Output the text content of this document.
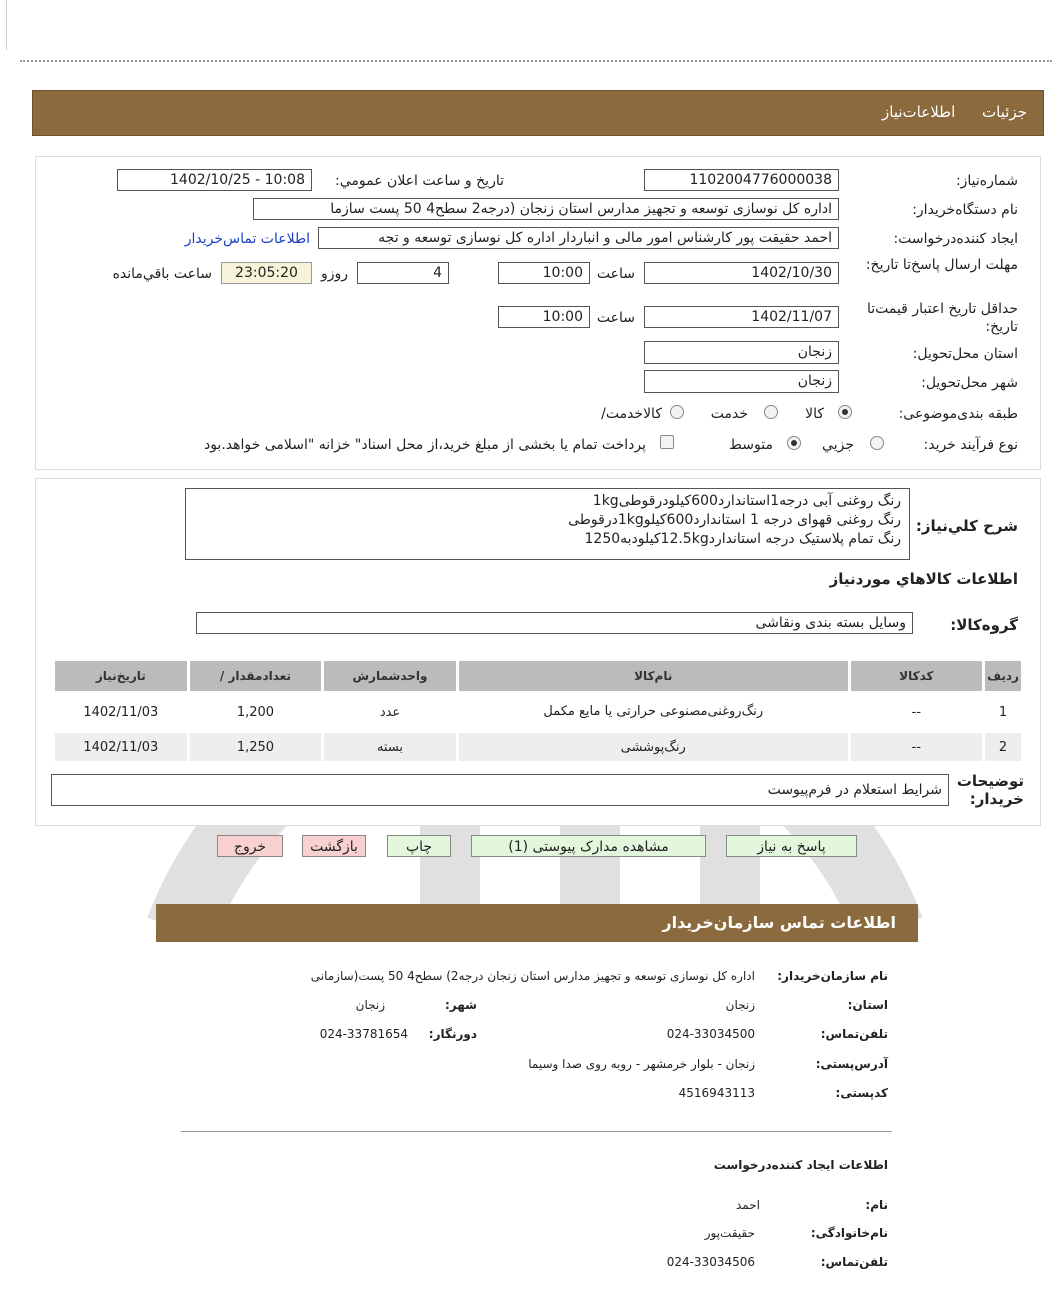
جزئيات اطلاعات‌نیاز
شماره‌نیاز:
1102004776000038
تاريخ و ساعت اعلان عمومي:
1402/10/25 - 10:08
نام دستگاه‌خريدار:
اداره کل نوسازی توسعه و تجهیز مدارس استان زنجان (درجه2 سطح4 50 پست سازما
ايجاد کننده‌درخواست:
احمد حقیقت پور کارشناس امور مالی و انباردار اداره کل نوسازی توسعه و تجه
اطلاعات تماس‌خريدار
مهلت ارسال پاسخ‌تا تاريخ:
1402/10/30
ساعت
10:00
4
روز‌و
23:05:20
ساعت باقي‌مانده
حداقل تاريخ اعتبار قیمت‌تا تاريخ:
1402/11/07
ساعت
10:00
استان محل‌تحويل:
زنجان
شهر محل‌تحويل:
زنجان
طبقه بندی‌موضوعی:
کالا
خدمت
کالا‌خدمت/
نوع فرآيند خريد:
جزيي
متوسط
پرداخت تمام يا بخشی از مبلغ خريد،از محل اسناد" خزانه "اسلامی خواهد.بود
شرح کلي‌نياز:
رنگ روغنی آبی درجه1استاندارد600کیلودرقوطی1kg
رنگ روغنی قهوای درجه 1 استاندارد600کیلو1kgدرقوطی
رنگ تمام پلاستیک درجه استاندارد12.5kgکیلودبه1250
اطلاعات کالاهاي موردنياز
گروه‌کالا:
وسایل بسته بندی ونقاشی
رديف	کدکالا	نام‌کالا	واحدشمارش	تعدادمقدار /	تاريخ‌نياز
1	--	رنگ‌روغنی‌مصنوعی حرارتی یا مایع مکمل	عدد	1,200	1402/11/03
2	--	رنگ‌پوششی	بسته	1,250	1402/11/03
توضيحات خريدار:
شرایط استعلام در فرم‌پیوست
پاسخ به نياز
مشاهده مدارک پيوستی (1)
چاپ
بازگشت
خروج
اطلاعات تماس سازمان‌خريدار
نام سازمان‌خريدار:
اداره کل نوسازی توسعه و تجهیز مدارس استان زنجان درجه2) سطح4 50 پست(سازمانی
استان:
زنجان
شهر:
زنجان
تلفن‌تماس:
024-33034500
دورنگار:
024-33781654
آدرس‌پستی:
زنجان - بلوار خرمشهر - روبه روی صدا وسیما
کدپستی:
4516943113
اطلاعات ايجاد کننده‌درخواست
نام:
احمد
نام‌خانوادگی:
حقیقت‌پور
تلفن‌تماس:
024-33034506
